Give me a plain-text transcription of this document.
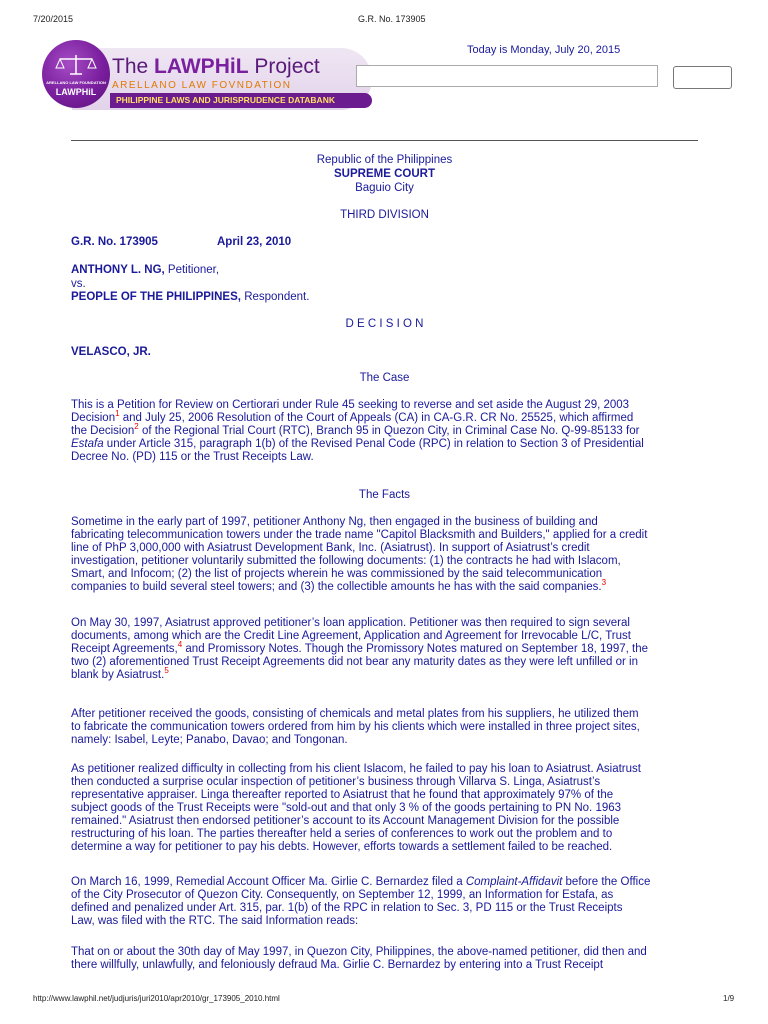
7/20/2015	G.R. No. 173905
ARELLANO LAW FOUNDATION
LAWPHiL
The LAWPHiL Project
ARELLANO LAW FOVNDATION
PHILIPPINE LAWS AND JURISPRUDENCE DATABANK
Today is Monday, July 20, 2015
Republic of the Philippines
SUPREME COURT
Baguio City
THIRD DIVISION
G.R. No. 173905	April 23, 2010
ANTHONY L. NG, Petitioner,
vs.
PEOPLE OF THE PHILIPPINES, Respondent.
D E C I S I O N
VELASCO, JR.
The Case
This is a Petition for Review on Certiorari under Rule 45 seeking to reverse and set aside the August 29, 2003
Decision$^1$ and July 25, 2006 Resolution of the Court of Appeals (CA) in CA-G.R. CR No. 25525, which affirmed
the Decision$^2$ of the Regional Trial Court (RTC), Branch 95 in Quezon City, in Criminal Case No. Q-99-85133 for
Estafa under Article 315, paragraph 1(b) of the Revised Penal Code (RPC) in relation to Section 3 of Presidential
Decree No. (PD) 115 or the Trust Receipts Law.
The Facts
Sometime in the early part of 1997, petitioner Anthony Ng, then engaged in the business of building and
fabricating telecommunication towers under the trade name "Capitol Blacksmith and Builders," applied for a credit
line of PhP 3,000,000 with Asiatrust Development Bank, Inc. (Asiatrust). In support of Asiatrust’s credit
investigation, petitioner voluntarily submitted the following documents: (1) the contracts he had with Islacom,
Smart, and Infocom; (2) the list of projects wherein he was commissioned by the said telecommunication
companies to build several steel towers; and (3) the collectible amounts he has with the said companies.$^3$
On May 30, 1997, Asiatrust approved petitioner’s loan application. Petitioner was then required to sign several
documents, among which are the Credit Line Agreement, Application and Agreement for Irrevocable L/C, Trust
Receipt Agreements,$^4$ and Promissory Notes. Though the Promissory Notes matured on September 18, 1997, the
two (2) aforementioned Trust Receipt Agreements did not bear any maturity dates as they were left unfilled or in
blank by Asiatrust.$^5$
After petitioner received the goods, consisting of chemicals and metal plates from his suppliers, he utilized them
to fabricate the communication towers ordered from him by his clients which were installed in three project sites,
namely: Isabel, Leyte; Panabo, Davao; and Tongonan.
As petitioner realized difficulty in collecting from his client Islacom, he failed to pay his loan to Asiatrust. Asiatrust
then conducted a surprise ocular inspection of petitioner’s business through Villarva S. Linga, Asiatrust’s
representative appraiser. Linga thereafter reported to Asiatrust that he found that approximately 97% of the
subject goods of the Trust Receipts were "sold-out and that only 3 % of the goods pertaining to PN No. 1963
remained." Asiatrust then endorsed petitioner’s account to its Account Management Division for the possible
restructuring of his loan. The parties thereafter held a series of conferences to work out the problem and to
determine a way for petitioner to pay his debts. However, efforts towards a settlement failed to be reached.
On March 16, 1999, Remedial Account Officer Ma. Girlie C. Bernardez filed a Complaint-Affidavit before the Office
of the City Prosecutor of Quezon City. Consequently, on September 12, 1999, an Information for Estafa, as
defined and penalized under Art. 315, par. 1(b) of the RPC in relation to Sec. 3, PD 115 or the Trust Receipts
Law, was filed with the RTC. The said Information reads:
That on or about the 30th day of May 1997, in Quezon City, Philippines, the above-named petitioner, did then and
there willfully, unlawfully, and feloniously defraud Ma. Girlie C. Bernardez by entering into a Trust Receipt
http://www.lawphil.net/judjuris/juri2010/apr2010/gr_173905_2010.html	1/9
